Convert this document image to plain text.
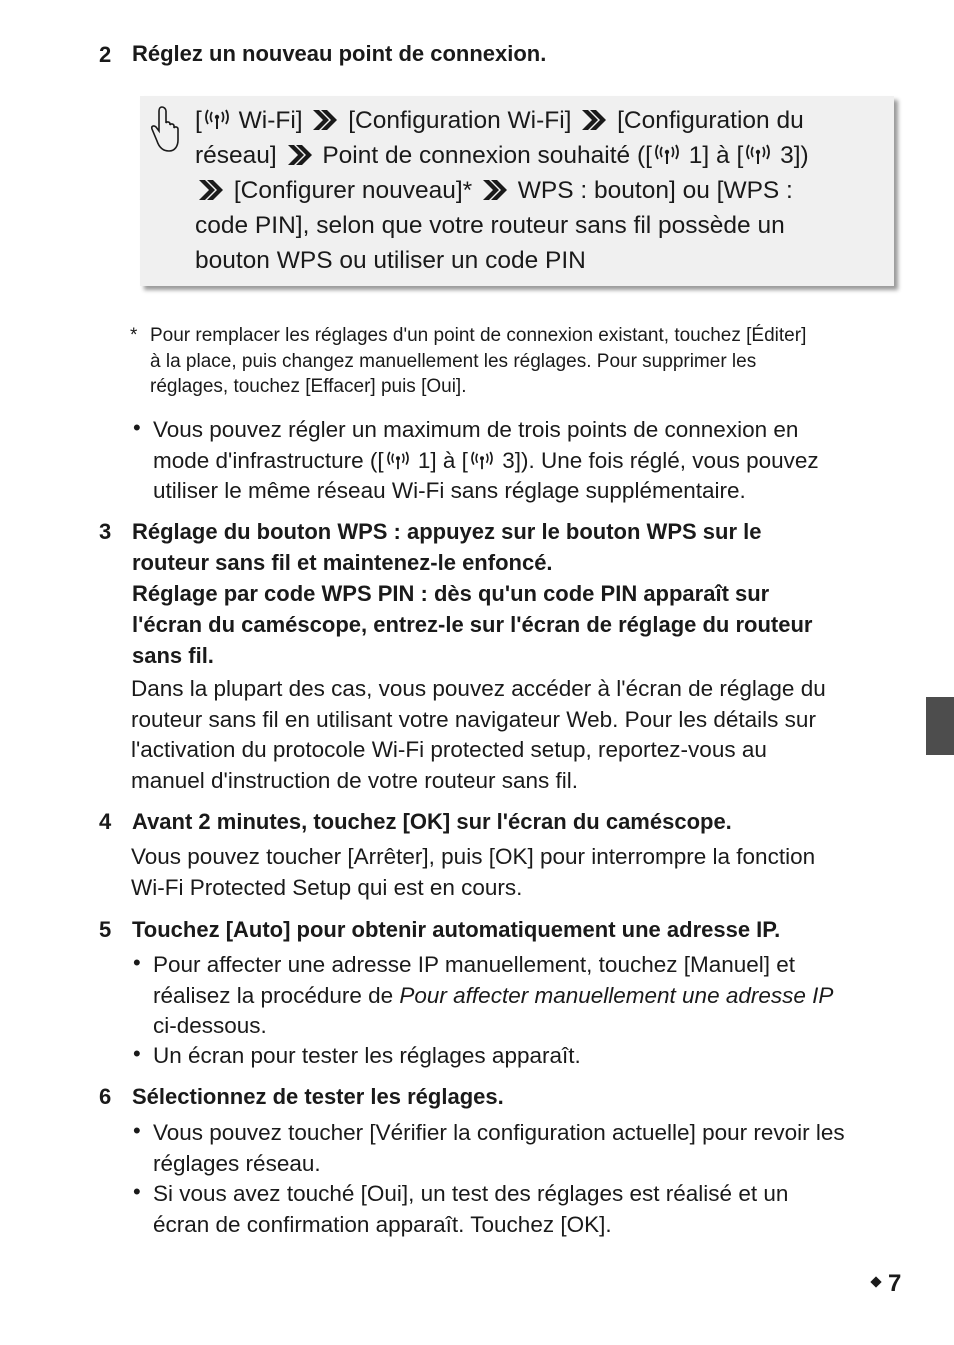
2 Réglez un nouveau point de connexion.
[ Wi-Fi] [Configuration Wi-Fi] [Configuration du
réseau] Point de connexion souhaité ([ 1] à [ 3])
[Configurer nouveau]* WPS : bouton] ou [WPS :
code PIN], selon que votre routeur sans fil possède un
bouton WPS ou utiliser un code PIN
* Pour remplacer les réglages d'un point de connexion existant, touchez [Éditer]
à la place, puis changez manuellement les réglages. Pour supprimer les
réglages, touchez [Effacer] puis [Oui].
• Vous pouvez régler un maximum de trois points de connexion en
mode d'infrastructure ([ 1] à [ 3]). Une fois réglé, vous pouvez
utiliser le même réseau Wi-Fi sans réglage supplémentaire.
3 Réglage du bouton WPS : appuyez sur le bouton WPS sur le
routeur sans fil et maintenez-le enfoncé.
Réglage par code WPS PIN : dès qu'un code PIN apparaît sur
l'écran du caméscope, entrez-le sur l'écran de réglage du routeur
sans fil.
Dans la plupart des cas, vous pouvez accéder à l'écran de réglage du
routeur sans fil en utilisant votre navigateur Web. Pour les détails sur
l'activation du protocole Wi-Fi protected setup, reportez-vous au
manuel d'instruction de votre routeur sans fil.
4 Avant 2 minutes, touchez [OK] sur l'écran du caméscope.
Vous pouvez toucher [Arrêter], puis [OK] pour interrompre la fonction
Wi-Fi Protected Setup qui est en cours.
5 Touchez [Auto] pour obtenir automatiquement une adresse IP.
• Pour affecter une adresse IP manuellement, touchez [Manuel] et
réalisez la procédure de Pour affecter manuellement une adresse IP
ci-dessous.
• Un écran pour tester les réglages apparaît.
6 Sélectionnez de tester les réglages.
• Vous pouvez toucher [Vérifier la configuration actuelle] pour revoir les
réglages réseau.
• Si vous avez touché [Oui], un test des réglages est réalisé et un
écran de confirmation apparaît. Touchez [OK].
7
